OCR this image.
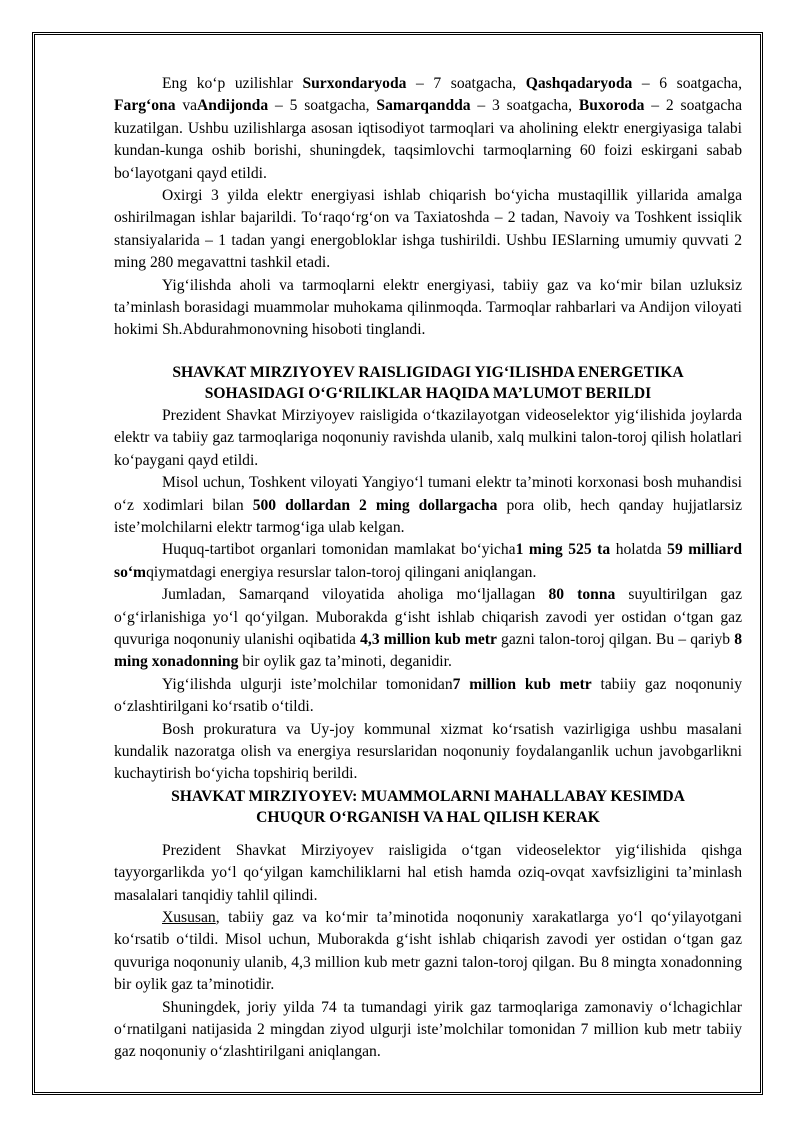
Eng ko‘p uzilishlar Surxondaryoda – 7 soatgacha, Qashqadaryoda – 6 soatgacha, Farg‘ona vaAndijonda – 5 soatgacha, Samarqandda – 3 soatgacha, Buxoroda – 2 soatgacha kuzatilgan. Ushbu uzilishlarga asosan iqtisodiyot tarmoqlari va aholining elektr energiyasiga talabi kundan-kunga oshib borishi, shuningdek, taqsimlovchi tarmoqlarning 60 foizi eskirgani sabab bo‘layotgani qayd etildi.

Oxirgi 3 yilda elektr energiyasi ishlab chiqarish bo‘yicha mustaqillik yillarida amalga oshirilmagan ishlar bajarildi. To‘raqo‘rg‘on va Taxiatoshda – 2 tadan, Navoiy va Toshkent issiqlik stansiyalarida – 1 tadan yangi energobloklar ishga tushirildi. Ushbu IESlarning umumiy quvvati 2 ming 280 megavattni tashkil etadi.

Yig‘ilishda aholi va tarmoqlarni elektr energiyasi, tabiiy gaz va ko‘mir bilan uzluksiz ta’minlash borasidagi muammolar muhokama qilinmoqda. Tarmoqlar rahbarlari va Andijon viloyati hokimi Sh.Abdurahmonovning hisoboti tinglandi.

SHAVKAT MIRZIYOYEV RAISLIGIDAGI YIG‘ILISHDA ENERGETIKA
SOHASIDAGI O‘G‘RILIKLAR HAQIDA MA’LUMOT BERILDI

Prezident Shavkat Mirziyoyev raisligida o‘tkazilayotgan videoselektor yig‘ilishida joylarda elektr va tabiiy gaz tarmoqlariga noqonuniy ravishda ulanib, xalq mulkini talon-toroj qilish holatlari ko‘paygani qayd etildi.

Misol uchun, Toshkent viloyati Yangiyo‘l tumani elektr ta’minoti korxonasi bosh muhandisi o‘z xodimlari bilan 500 dollardan 2 ming dollargacha pora olib, hech qanday hujjatlarsiz iste’molchilarni elektr tarmog‘iga ulab kelgan.

Huquq-tartibot organlari tomonidan mamlakat bo‘yicha1 ming 525 ta holatda 59 milliard so‘mqiymatdagi energiya resurslar talon-toroj qilingani aniqlangan.

Jumladan, Samarqand viloyatida aholiga mo‘ljallagan 80 tonna suyultirilgan gaz o‘g‘irlanishiga yo‘l qo‘yilgan. Muborakda g‘isht ishlab chiqarish zavodi yer ostidan o‘tgan gaz quvuriga noqonuniy ulanishi oqibatida 4,3 million kub metr gazni talon-toroj qilgan. Bu – qariyb 8 ming xonadonning bir oylik gaz ta’minoti, deganidir.

Yig‘ilishda ulgurji iste’molchilar tomonidan7 million kub metr tabiiy gaz noqonuniy o‘zlashtirilgani ko‘rsatib o‘tildi.

Bosh prokuratura va Uy-joy kommunal xizmat ko‘rsatish vazirligiga ushbu masalani kundalik nazoratga olish va energiya resurslaridan noqonuniy foydalanganlik uchun javobgarlikni kuchaytirish bo‘yicha topshiriq berildi.

SHAVKAT MIRZIYOYEV: MUAMMOLARNI MAHALLABAY KESIMDA
CHUQUR O‘RGANISH VA HAL QILISH KERAK

Prezident Shavkat Mirziyoyev raisligida o‘tgan videoselektor yig‘ilishida qishga tayyorgarlikda yo‘l qo‘yilgan kamchiliklarni hal etish hamda oziq-ovqat xavfsizligini ta’minlash masalalari tanqidiy tahlil qilindi.

Xususan, tabiiy gaz va ko‘mir ta’minotida noqonuniy xarakatlarga yo‘l qo‘yilayotgani ko‘rsatib o‘tildi. Misol uchun, Muborakda g‘isht ishlab chiqarish zavodi yer ostidan o‘tgan gaz quvuriga noqonuniy ulanib, 4,3 million kub metr gazni talon-toroj qilgan. Bu 8 mingta xonadonning bir oylik gaz ta’minotidir.

Shuningdek, joriy yilda 74 ta tumandagi yirik gaz tarmoqlariga zamonaviy o‘lchagichlar o‘rnatilgani natijasida 2 mingdan ziyod ulgurji iste’molchilar tomonidan 7 million kub metr tabiiy gaz noqonuniy o‘zlashtirilgani aniqlangan.
